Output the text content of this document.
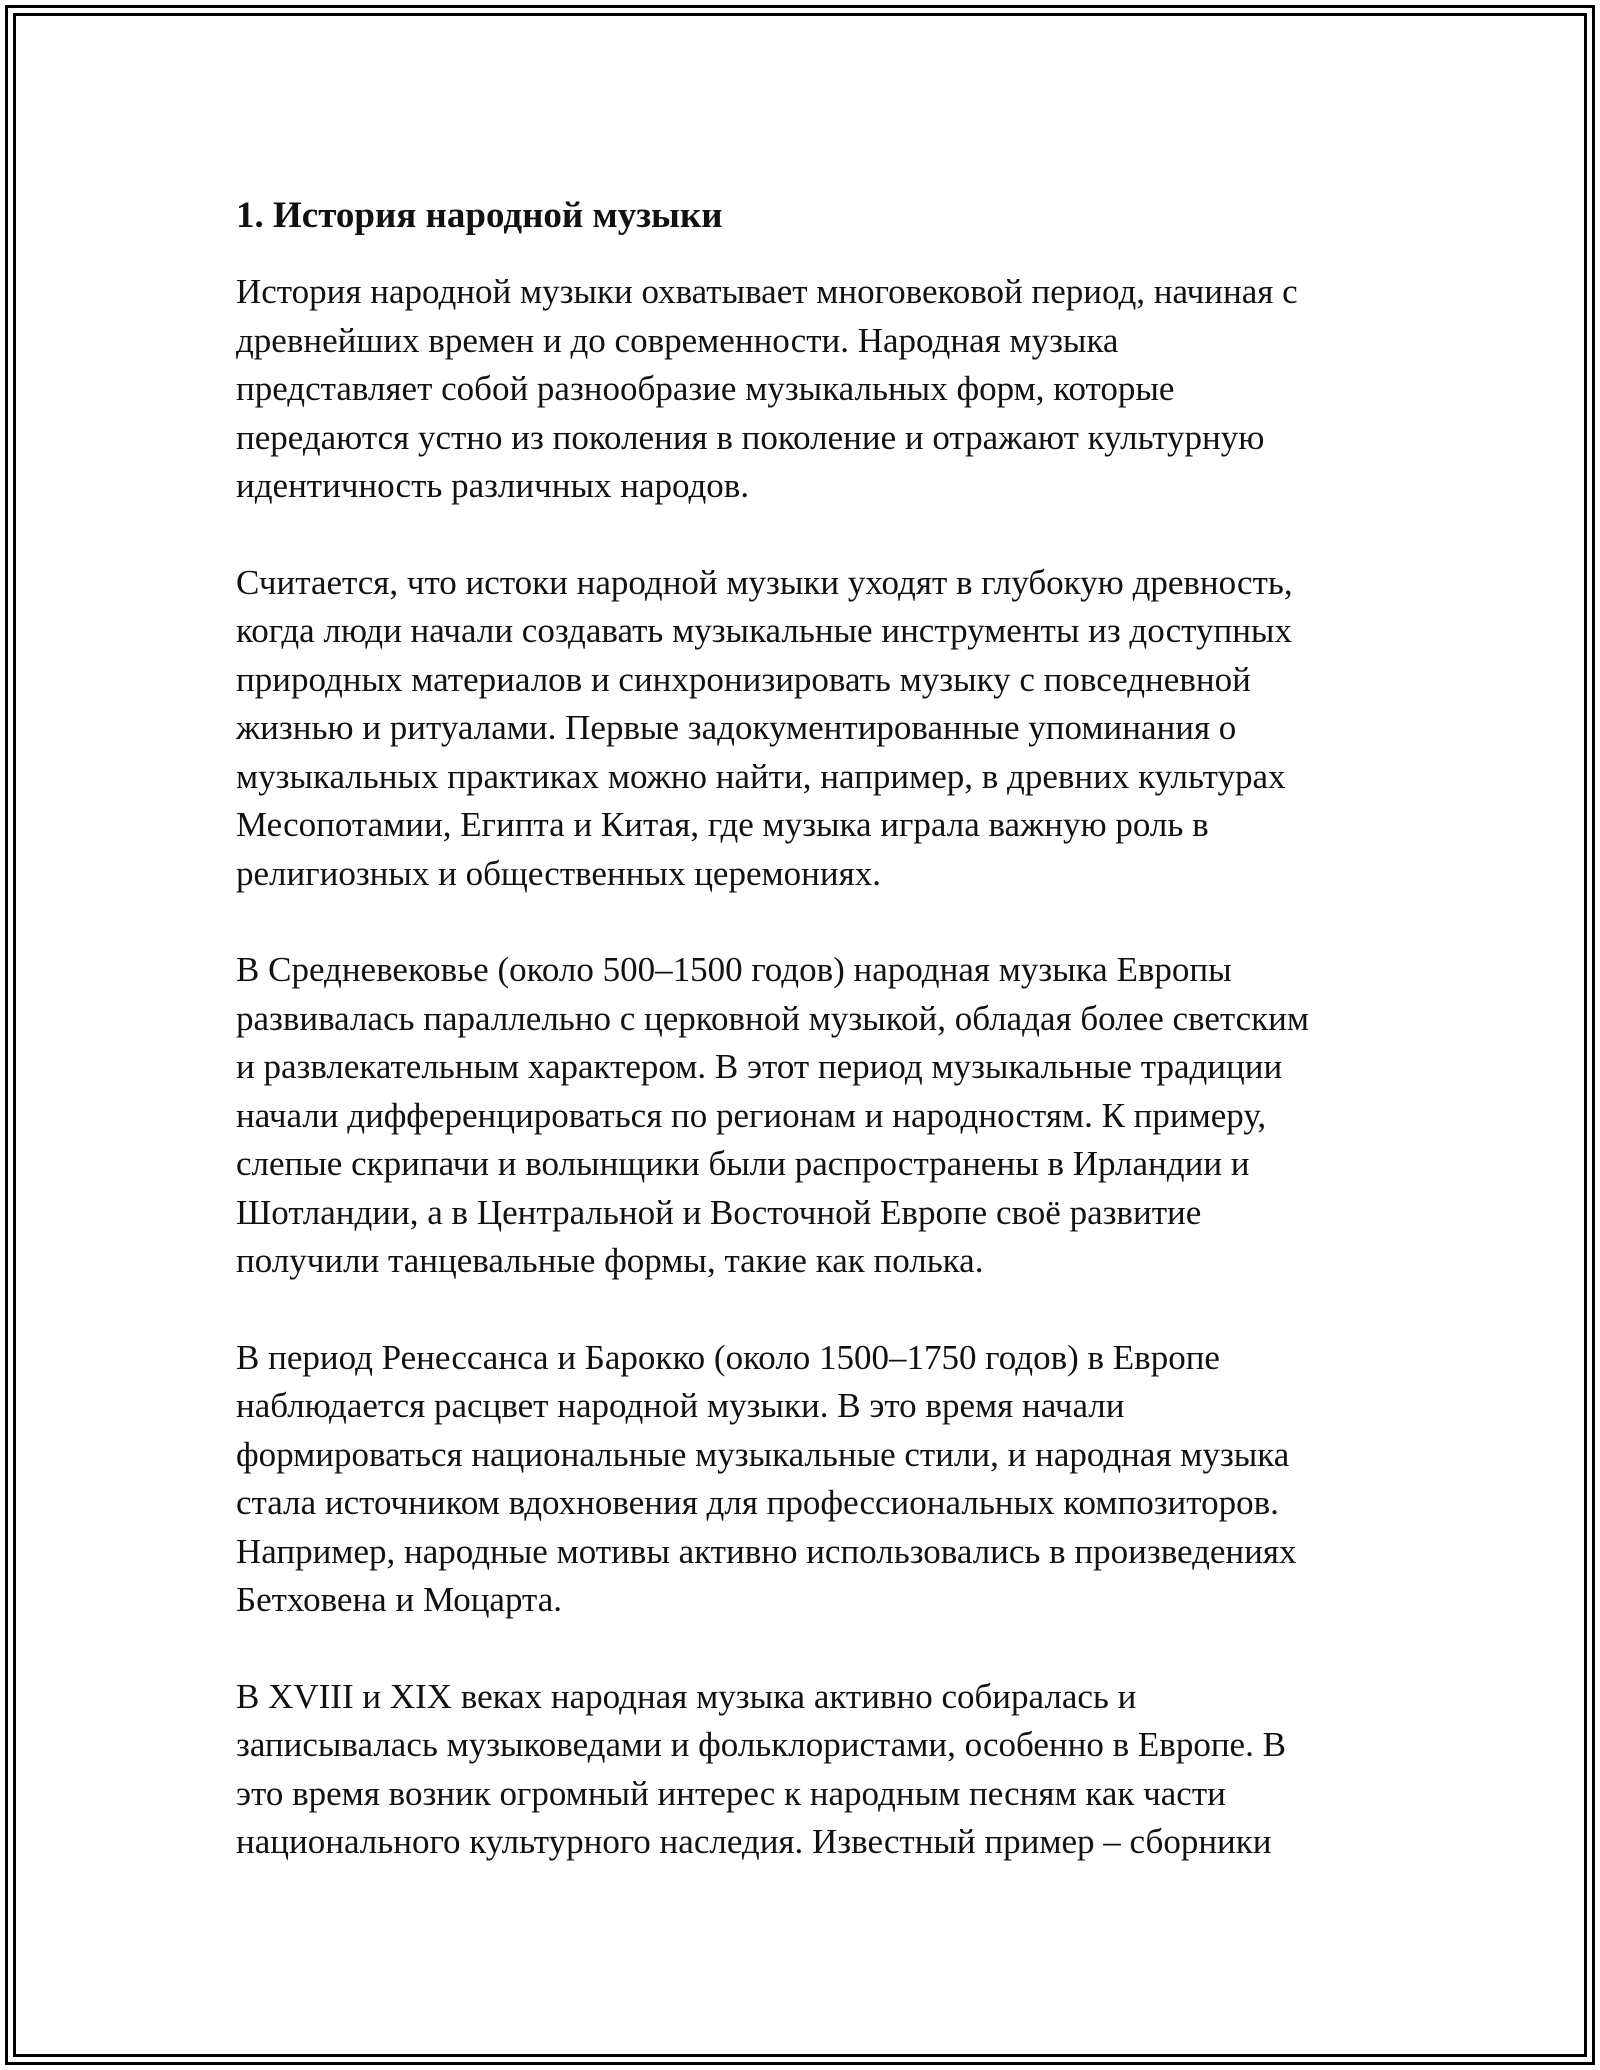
1. История народной музыки

История народной музыки охватывает многовековой период, начиная с
древнейших времен и до современности. Народная музыка
представляет собой разнообразие музыкальных форм, которые
передаются устно из поколения в поколение и отражают культурную
идентичность различных народов.

Считается, что истоки народной музыки уходят в глубокую древность,
когда люди начали создавать музыкальные инструменты из доступных
природных материалов и синхронизировать музыку с повседневной
жизнью и ритуалами. Первые задокументированные упоминания о
музыкальных практиках можно найти, например, в древних культурах
Месопотамии, Египта и Китая, где музыка играла важную роль в
религиозных и общественных церемониях.

В Средневековье (около 500–1500 годов) народная музыка Европы
развивалась параллельно с церковной музыкой, обладая более светским
и развлекательным характером. В этот период музыкальные традиции
начали дифференцироваться по регионам и народностям. К примеру,
слепые скрипачи и волынщики были распространены в Ирландии и
Шотландии, а в Центральной и Восточной Европе своё развитие
получили танцевальные формы, такие как полька.

В период Ренессанса и Барокко (около 1500–1750 годов) в Европе
наблюдается расцвет народной музыки. В это время начали
формироваться национальные музыкальные стили, и народная музыка
стала источником вдохновения для профессиональных композиторов.
Например, народные мотивы активно использовались в произведениях
Бетховена и Моцарта.

В XVIII и XIX веках народная музыка активно собиралась и
записывалась музыковедами и фольклористами, особенно в Европе. В
это время возник огромный интерес к народным песням как части
национального культурного наследия. Известный пример – сборники
